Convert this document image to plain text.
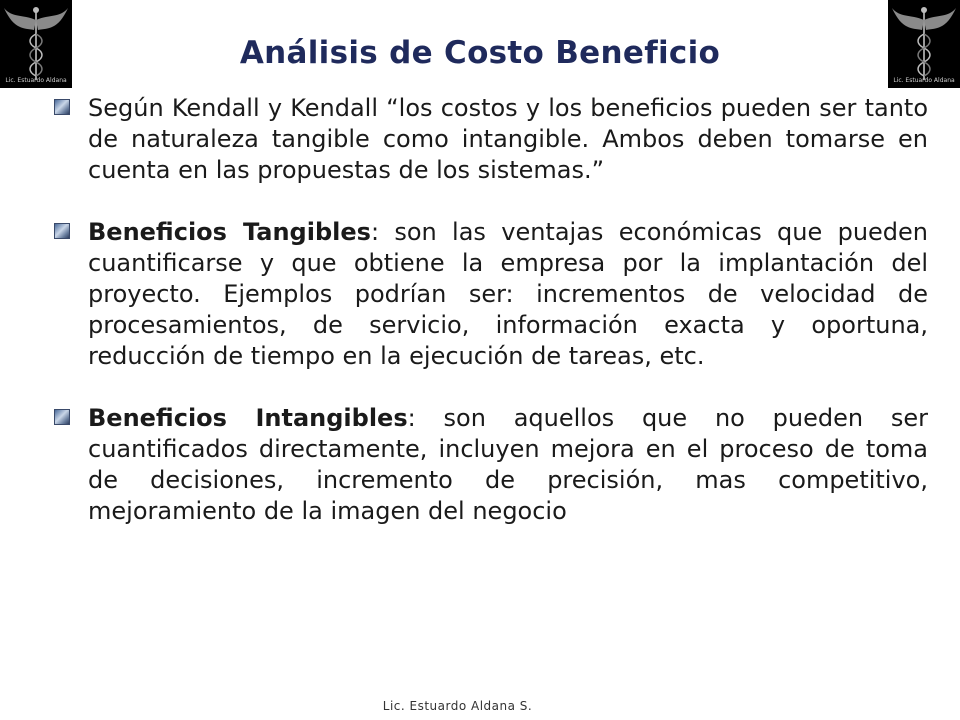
Lic. Estuardo Aldana	Lic. Estuardo Aldana
Análisis de Costo Beneficio
Según Kendall y Kendall “los costos y los beneficios pueden ser tanto de naturaleza tangible como intangible. Ambos deben tomarse en cuenta en las propuestas de los sistemas.”
Beneficios Tangibles: son las ventajas económicas que pueden cuantificarse y que obtiene la empresa por la implantación del proyecto. Ejemplos podrían ser: incrementos de velocidad de procesamientos, de servicio, información exacta y oportuna, reducción de tiempo en la ejecución de tareas, etc.
Beneficios Intangibles: son aquellos que no pueden ser cuantificados directamente, incluyen mejora en el proceso de toma de decisiones, incremento de precisión, mas competitivo, mejoramiento de la imagen del negocio
Lic. Estuardo Aldana S.
